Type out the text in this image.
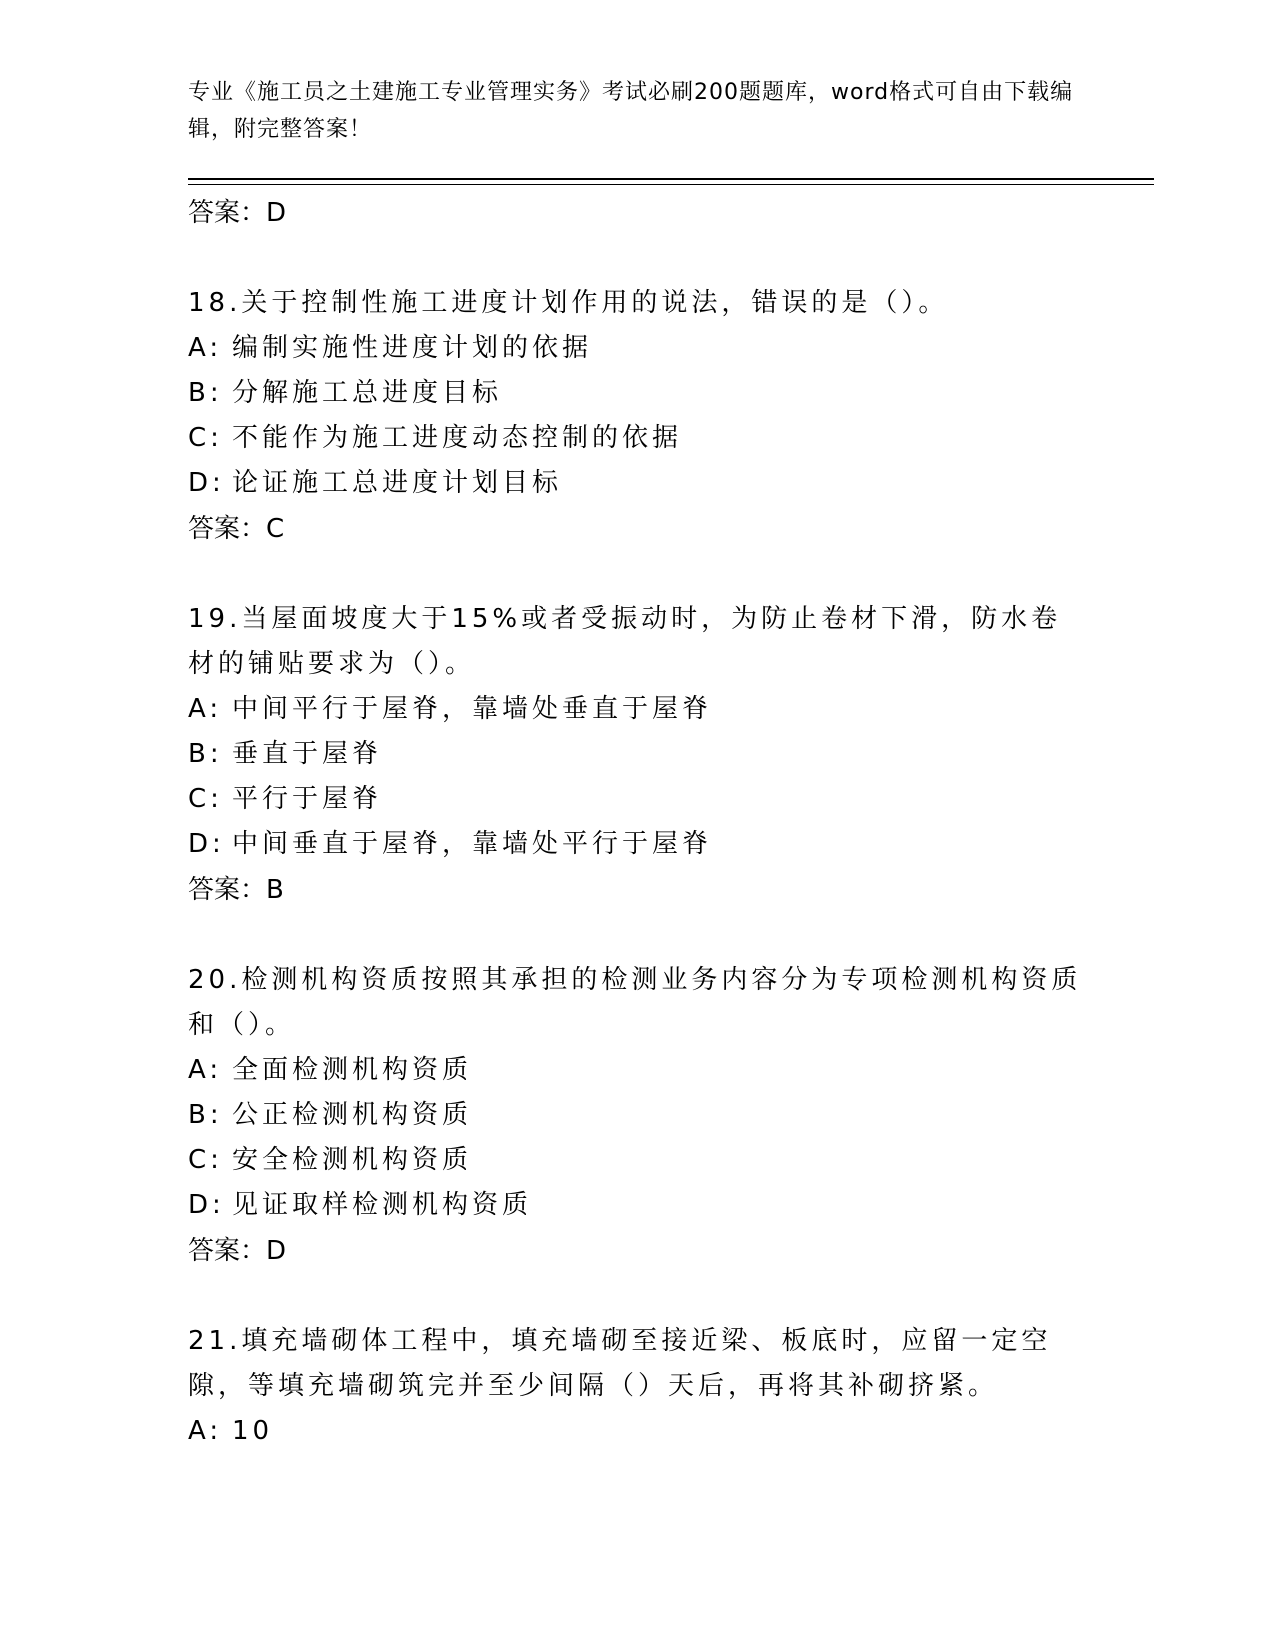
专业《施工员之土建施工专业管理实务》考试必刷200题题库，word格式可自由下载编辑，附完整答案！
答案：D
18.关于控制性施工进度计划作用的说法，错误的是（）。
A: 编制实施性进度计划的依据
B: 分解施工总进度目标
C: 不能作为施工进度动态控制的依据
D: 论证施工总进度计划目标
答案：C
19.当屋面坡度大于15%或者受振动时，为防止卷材下滑，防水卷材的铺贴要求为（）。
A: 中间平行于屋脊，靠墙处垂直于屋脊
B: 垂直于屋脊
C: 平行于屋脊
D: 中间垂直于屋脊，靠墙处平行于屋脊
答案：B
20.检测机构资质按照其承担的检测业务内容分为专项检测机构资质和（）。
A: 全面检测机构资质
B: 公正检测机构资质
C: 安全检测机构资质
D: 见证取样检测机构资质
答案：D
21.填充墙砌体工程中，填充墙砌至接近梁、板底时，应留一定空隙，等填充墙砌筑完并至少间隔（）天后，再将其补砌挤紧。
A: 10
